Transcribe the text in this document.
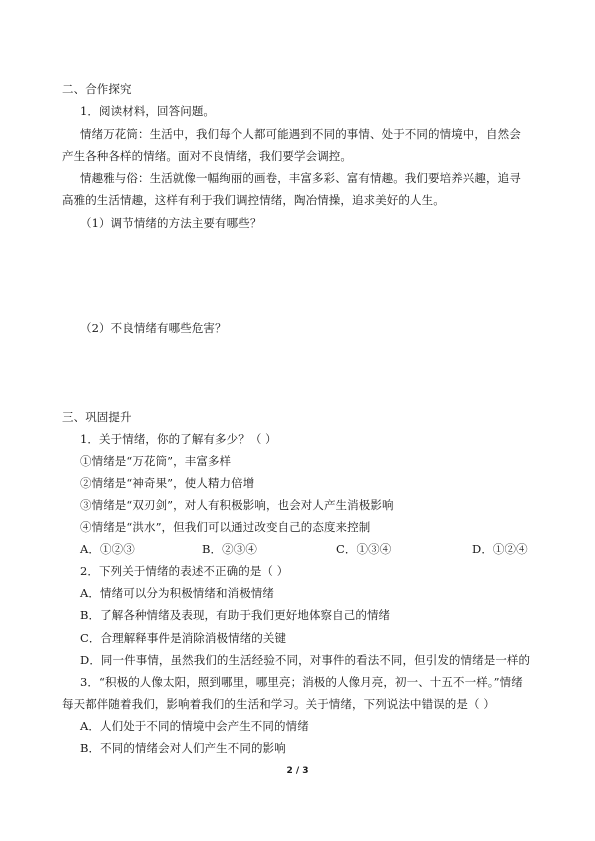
二、合作探究
1．阅读材料，回答问题。
情绪万花筒：生活中，我们每个人都可能遇到不同的事情、处于不同的情境中，自然会
产生各种各样的情绪。面对不良情绪，我们要学会调控。
情趣雅与俗：生活就像一幅绚丽的画卷，丰富多彩、富有情趣。我们要培养兴趣，追寻
高雅的生活情趣，这样有利于我们调控情绪，陶冶情操，追求美好的人生。
（1）调节情绪的方法主要有哪些？
（2）不良情绪有哪些危害？
三、巩固提升
1．关于情绪，你的了解有多少？（ ）
①情绪是“万花筒”，丰富多样
②情绪是“神奇果”，使人精力倍增
③情绪是“双刃剑”，对人有积极影响，也会对人产生消极影响
④情绪是“洪水”，但我们可以通过改变自己的态度来控制
A．①②③	B．②③④	C．①③④	D．①②④
2．下列关于情绪的表述不正确的是（ ）
A．情绪可以分为积极情绪和消极情绪
B．了解各种情绪及表现，有助于我们更好地体察自己的情绪
C．合理解释事件是消除消极情绪的关键
D．同一件事情，虽然我们的生活经验不同，对事件的看法不同，但引发的情绪是一样的
3．“积极的人像太阳，照到哪里，哪里亮；消极的人像月亮，初一、十五不一样。”情绪
每天都伴随着我们，影响着我们的生活和学习。关于情绪，下列说法中错误的是（ ）
A．人们处于不同的情境中会产生不同的情绪
B．不同的情绪会对人们产生不同的影响
2 / 3
